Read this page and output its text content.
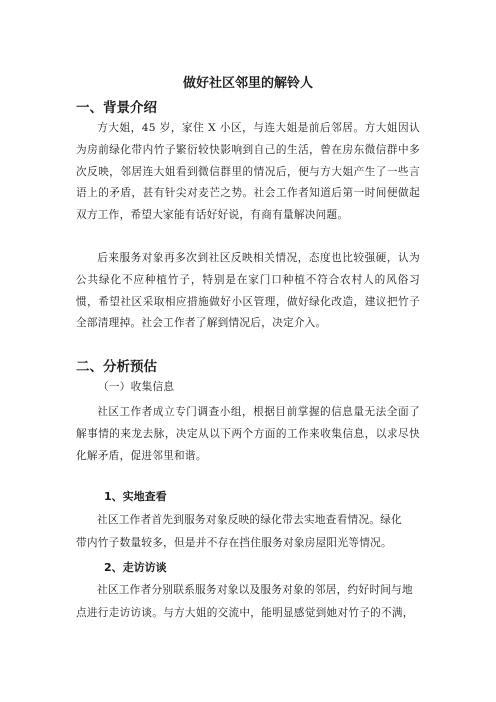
做好社区邻里的解铃人
一、背景介绍
方大姐，45 岁，家住 X 小区，与连大姐是前后邻居。方大姐因认为房前绿化带内竹子繁衍较快影响到自己的生活，曾在房东微信群中多次反映，邻居连大姐看到微信群里的情况后，便与方大姐产生了一些言语上的矛盾，甚有针尖对麦芒之势。社会工作者知道后第一时间便做起双方工作，希望大家能有话好好说，有商有量解决问题。
后来服务对象再多次到社区反映相关情况，态度也比较强硬，认为公共绿化不应种植竹子，特别是在家门口种植不符合农村人的风俗习惯，希望社区采取相应措施做好小区管理，做好绿化改造，建议把竹子全部清理掉。社会工作者了解到情况后，决定介入。
二、分析预估
（一）收集信息
社区工作者成立专门调查小组，根据目前掌握的信息量无法全面了解事情的来龙去脉，决定从以下两个方面的工作来收集信息，以求尽快化解矛盾，促进邻里和谐。
1、实地查看
社区工作者首先到服务对象反映的绿化带去实地查看情况。绿化
带内竹子数量较多，但是并不存在挡住服务对象房屋阳光等情况。
2、走访访谈
社区工作者分别联系服务对象以及服务对象的邻居，约好时间与地
点进行走访访谈。与方大姐的交流中，能明显感觉到她对竹子的不满，
